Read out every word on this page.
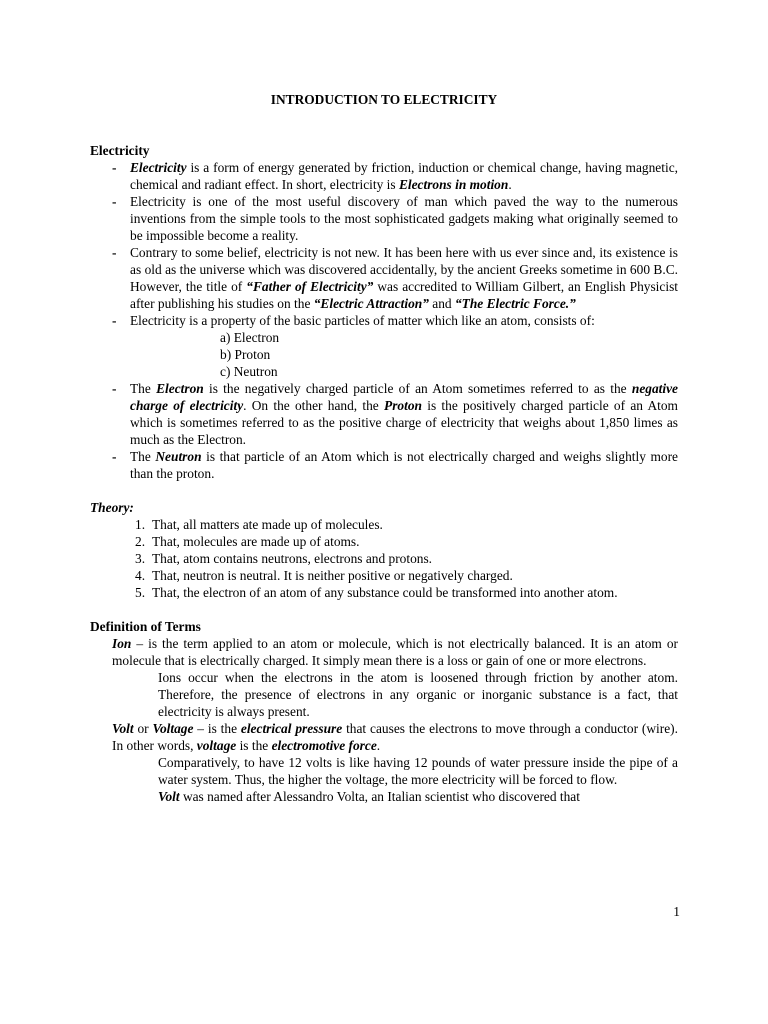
INTRODUCTION TO ELECTRICITY

Electricity

- Electricity is a form of energy generated by friction, induction or chemical change, having magnetic, chemical and radiant effect. In short, electricity is Electrons in motion.
- Electricity is one of the most useful discovery of man which paved the way to the numerous inventions from the simple tools to the most sophisticated gadgets making what originally seemed to be impossible become a reality.
- Contrary to some belief, electricity is not new. It has been here with us ever since and, its existence is as old as the universe which was discovered accidentally, by the ancient Greeks sometime in 600 B.C. However, the title of “Father of Electricity” was accredited to William Gilbert, an English Physicist after publishing his studies on the “Electric Attraction” and “The Electric Force.”
- Electricity is a property of the basic particles of matter which like an atom, consists of:
a) Electron
b) Proton
c) Neutron
- The Electron is the negatively charged particle of an Atom sometimes referred to as the negative charge of electricity. On the other hand, the Proton is the positively charged particle of an Atom which is sometimes referred to as the positive charge of electricity that weighs about 1,850 limes as much as the Electron.
- The Neutron is that particle of an Atom which is not electrically charged and weighs slightly more than the proton.

Theory:

1. That, all matters ate made up of molecules.
2. That, molecules are made up of atoms.
3. That, atom contains neutrons, electrons and protons.
4. That, neutron is neutral. It is neither positive or negatively charged.
5. That, the electron of an atom of any substance could be transformed into another atom.

Definition of Terms

Ion – is the term applied to an atom or molecule, which is not electrically balanced. It is an atom or molecule that is electrically charged. It simply mean there is a loss or gain of one or more electrons.
Ions occur when the electrons in the atom is loosened through friction by another atom. Therefore, the presence of electrons in any organic or inorganic substance is a fact, that electricity is always present.
Volt or Voltage – is the electrical pressure that causes the electrons to move through a conductor (wire). In other words, voltage is the electromotive force.
Comparatively, to have 12 volts is like having 12 pounds of water pressure inside the pipe of a water system. Thus, the higher the voltage, the more electricity will be forced to flow.
Volt was named after Alessandro Volta, an Italian scientist who discovered that
1
